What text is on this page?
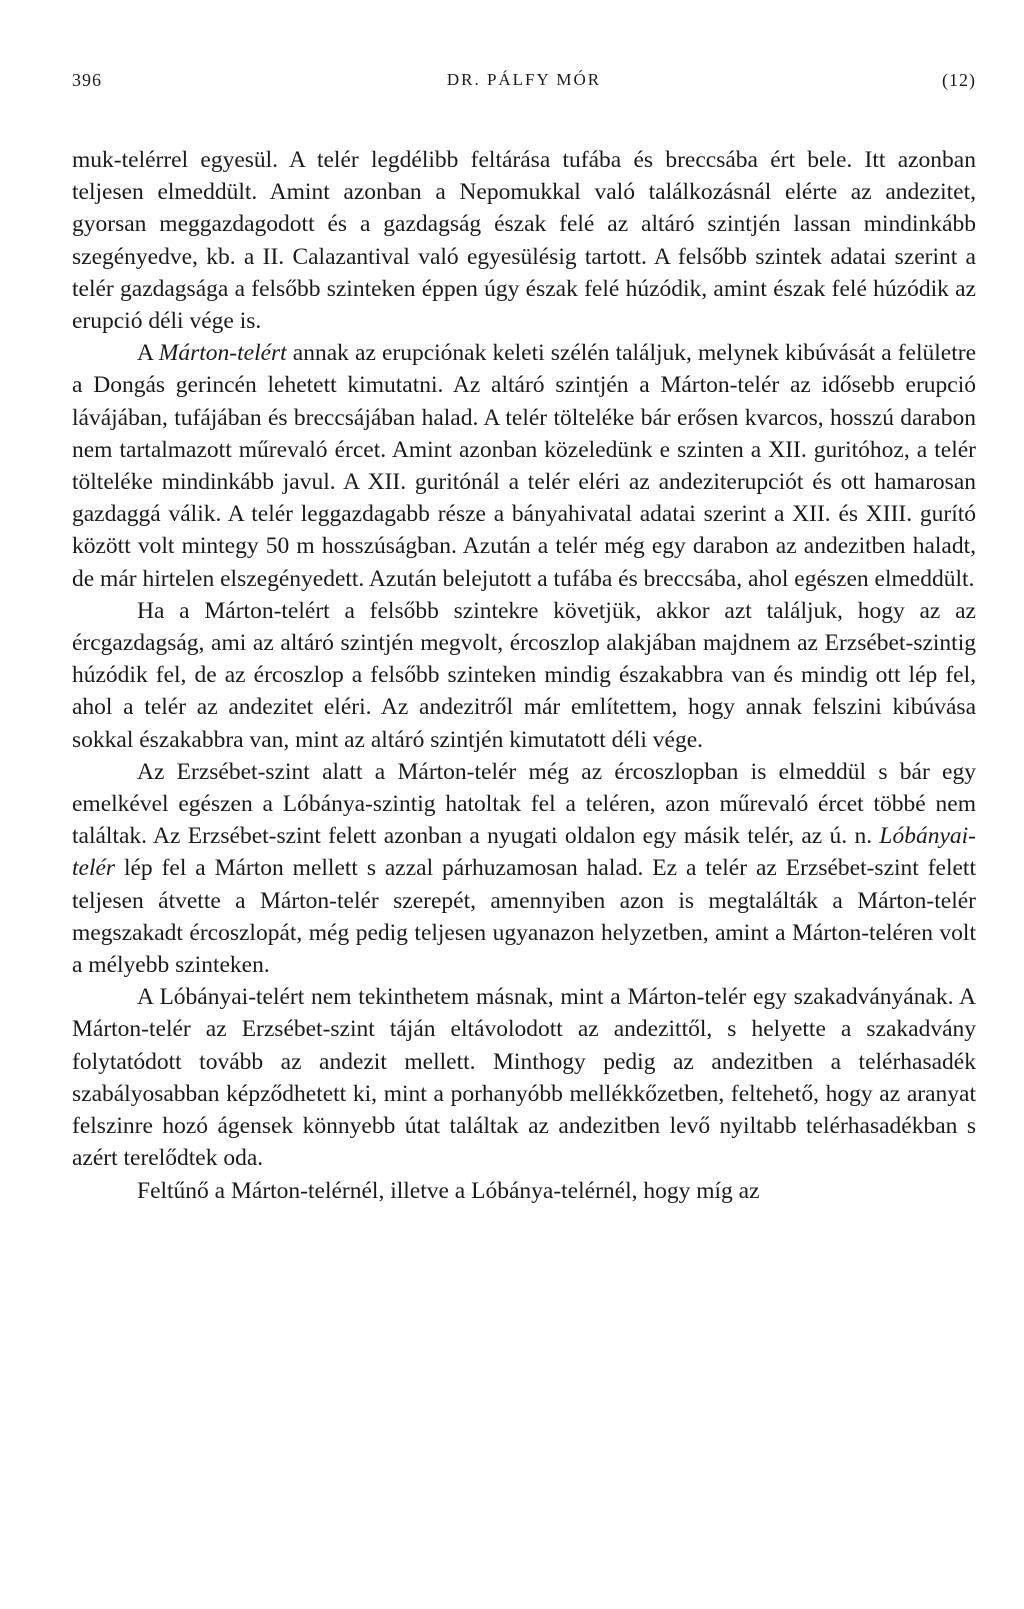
396	DR. PÁLFY MÓR	(12)

muk-telérrel egyesül. A telér legdélibb feltárása tufába és breccsába ért bele. Itt azonban teljesen elmeddült. Amint azonban a Nepomukkal való találkozásnál elérte az andezitet, gyorsan meggazdagodott és a gazdagság észak felé az altáró szintjén lassan mindinkább szegényedve, kb. a II. Calazantival való egyesülésig tartott. A felsőbb szintek adatai szerint a telér gazdagsága a felsőbb szinteken éppen úgy észak felé húzódik, amint észak felé húzódik az erupció déli vége is.

A Márton-telért annak az erupciónak keleti szélén találjuk, melynek kibúvását a felületre a Dongás gerincén lehetett kimutatni. Az altáró szintjén a Márton-telér az idősebb erupció lávájában, tufájában és breccsájában halad. A telér töltelékе bár erősen kvarcos, hosszú darabon nem tartalmazott műrevaló ércet. Amint azonban közeledünk e szinten a XII. guritóhoz, a telér töltelékе mindinkább javul. A XII. guritónál a telér eléri az andeziterupciót és ott hamarosan gazdaggá válik. A telér leggazdagabb része a bányahivatal adatai szerint a XII. és XIII. gurító között volt mintegy 50 m hosszúságban. Azután a telér még egy darabon az andezitben haladt, de már hirtelen elszegényedett. Azután belejutott a tufába és breccsába, ahol egészen elmeddült.

Ha a Márton-telért a felsőbb szintekre követjük, akkor azt találjuk, hogy az az ércgazdagság, ami az altáró szintjén megvolt, ércoszlop alakjában majdnem az Erzsébet-szintig húzódik fel, de az ércoszlop a felsőbb szinteken mindig északabbra van és mindig ott lép fel, ahol a telér az andezitet eléri. Az andezitről már említettem, hogy annak felszini kibúvása sokkal északabbra van, mint az altáró szintjén kimutatott déli vége.

Az Erzsébet-szint alatt a Márton-telér még az ércoszlopban is elmeddül s bár egy emelkével egészen a Lóbánya-szintig hatoltak fel a teléren, azon műrevaló ércet többé nem találtak. Az Erzsébet-szint felett azonban a nyugati oldalon egy másik telér, az ú. n. Lóbányai-telér lép fel a Márton mellett s azzal párhuzamosan halad. Ez a telér az Erzsébet-szint felett teljesen átvette a Márton-telér szerepét, amennyiben azon is megtalálták a Márton-telér megszakadt ércoszlopát, még pedig teljesen ugyanazon helyzetben, amint a Márton-teléren volt a mélyebb szinteken.

A Lóbányai-telért nem tekinthetem másnak, mint a Márton-telér egy szakadványának. A Márton-telér az Erzsébet-szint táján eltávolodott az andezittől, s helyette a szakadvány folytatódott tovább az andezit mellett. Minthogy pedig az andezitben a telérhasadék szabályosabban képződhetett ki, mint a porhanyóbb mellékkőzetben, feltehető, hogy az aranyat felszinre hozó ágensek könnyebb útat találtak az andezitben levő nyiltabb telérhasadékban s azért terelődtek oda.

Feltűnő a Márton-telérnél, illetve a Lóbánya-telérnél, hogy míg az
